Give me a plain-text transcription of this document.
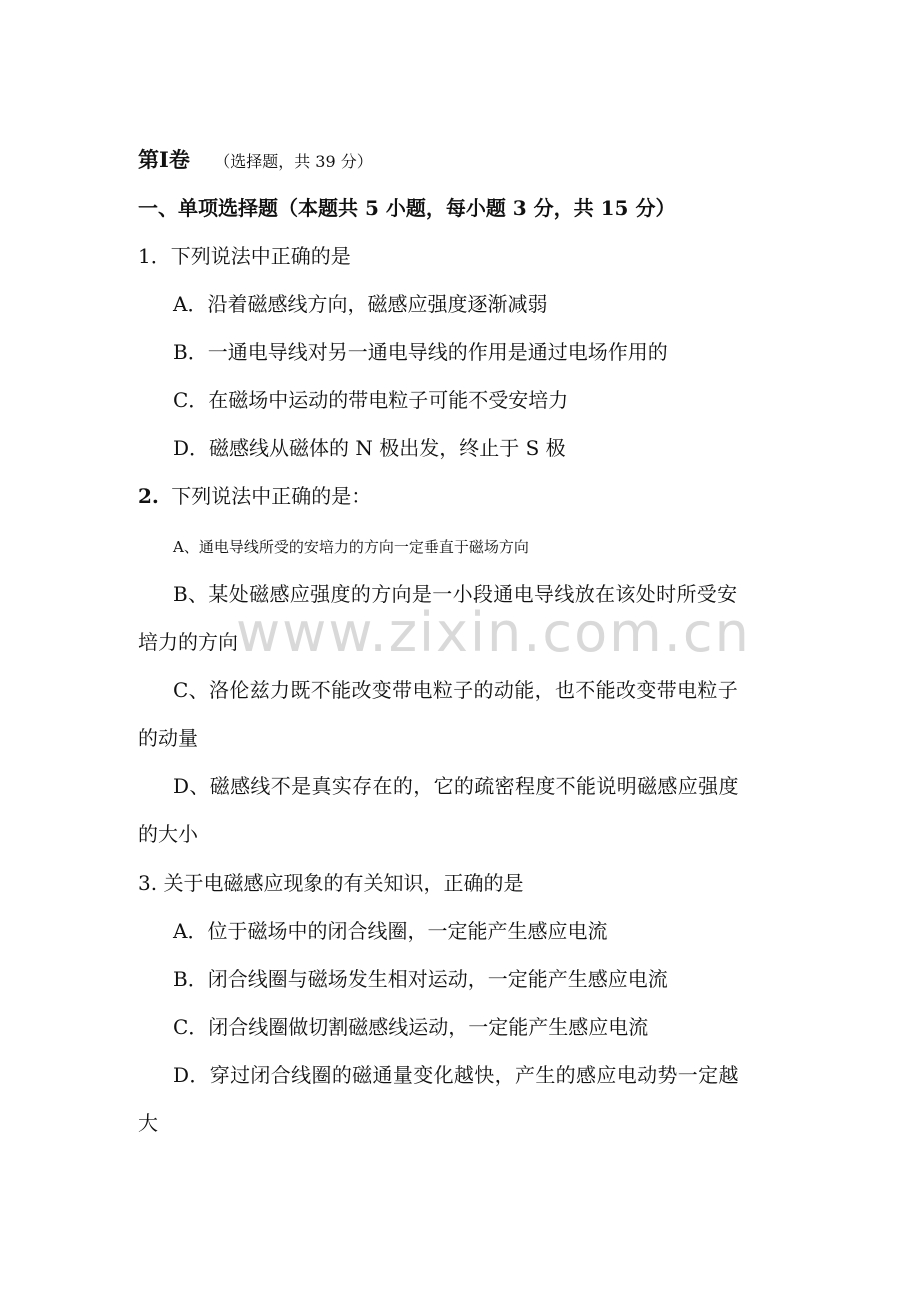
www.zixin.com.cn
第Ⅰ卷 （选择题，共 39 分）
一、单项选择题（本题共 5 小题，每小题 3 分，共 15 分）
1．下列说法中正确的是
A．沿着磁感线方向，磁感应强度逐渐减弱
B．一通电导线对另一通电导线的作用是通过电场作用的
C．在磁场中运动的带电粒子可能不受安培力
D．磁感线从磁体的 N 极出发，终止于 S 极
2. 下列说法中正确的是：
A、通电导线所受的安培力的方向一定垂直于磁场方向
B、某处磁感应强度的方向是一小段通电导线放在该处时所受安
培力的方向
C、洛伦兹力既不能改变带电粒子的动能，也不能改变带电粒子
的动量
D、磁感线不是真实存在的，它的疏密程度不能说明磁感应强度
的大小
3. 关于电磁感应现象的有关知识，正确的是
A．位于磁场中的闭合线圈，一定能产生感应电流
B．闭合线圈与磁场发生相对运动，一定能产生感应电流
C．闭合线圈做切割磁感线运动，一定能产生感应电流
D．穿过闭合线圈的磁通量变化越快，产生的感应电动势一定越
大
